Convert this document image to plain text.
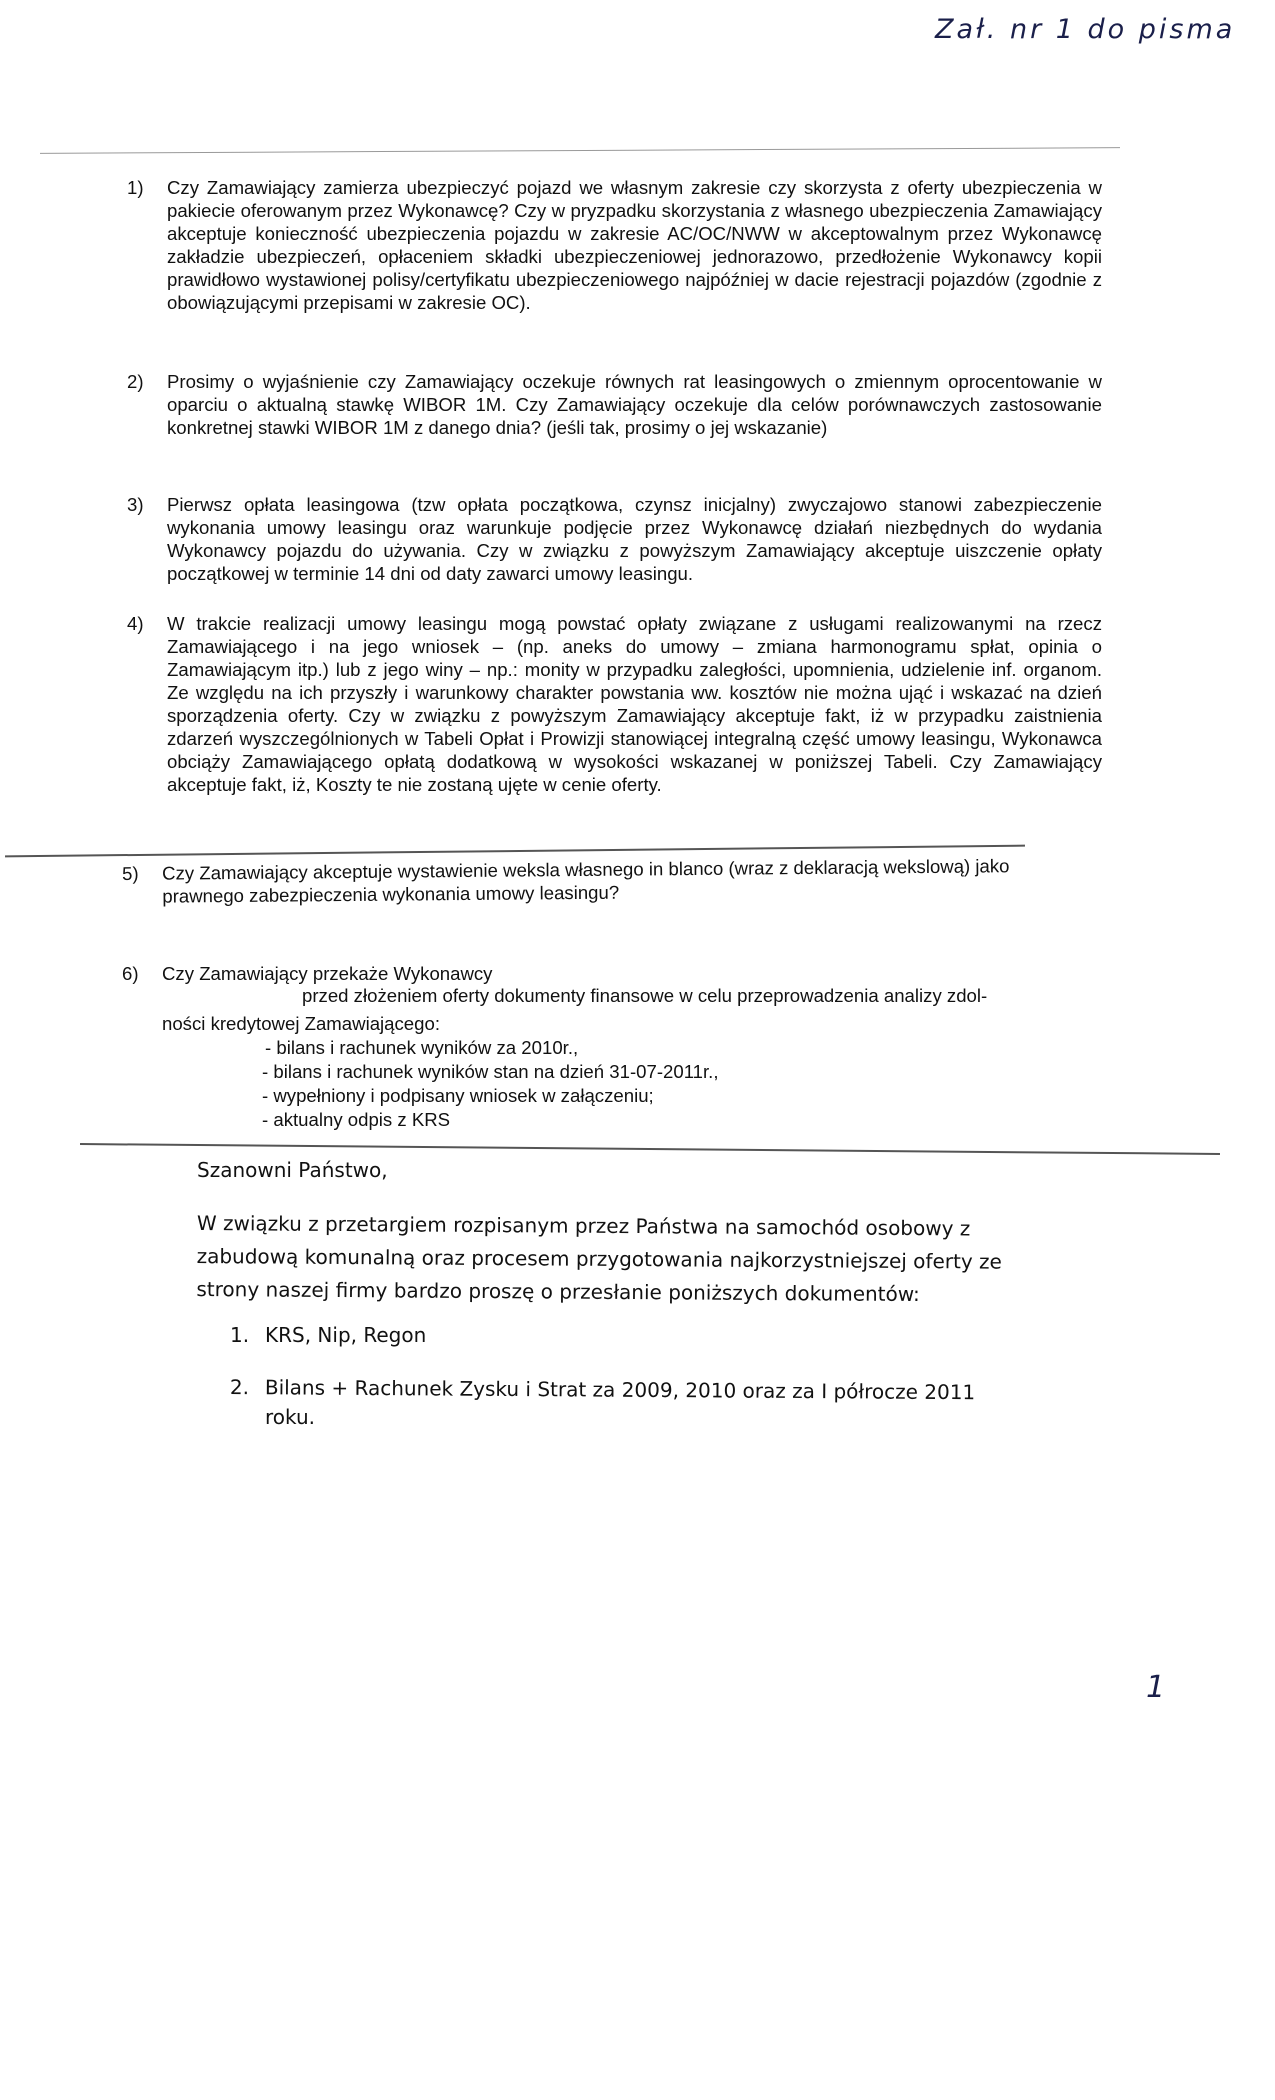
Zał. nr 1 do pisma
1) Czy Zamawiający zamierza ubezpieczyć pojazd we własnym zakresie czy skorzysta z oferty ubezpieczenia w pakiecie oferowanym przez Wykonawcę? Czy w pryzpadku skorzystania z własnego ubezpieczenia Zamawiający akceptuje konieczność ubezpieczenia pojazdu w zakresie AC/OC/NWW w akceptowalnym przez Wykonawcę zakładzie ubezpieczeń, opłaceniem składki ubezpieczeniowej jednorazowo, przedłożenie Wykonawcy kopii prawidłowo wystawionej polisy/certyfikatu ubezpieczeniowego najpóźniej w dacie rejestracji pojazdów (zgodnie z obowiązującymi przepisami w zakresie OC).
2) Prosimy o wyjaśnienie czy Zamawiający oczekuje równych rat leasingowych o zmiennym oprocentowanie w oparciu o aktualną stawkę WIBOR 1M. Czy Zamawiający oczekuje dla celów porównawczych zastosowanie konkretnej stawki WIBOR 1M z danego dnia? (jeśli tak, prosimy o jej wskazanie)
3) Pierwsz opłata leasingowa (tzw opłata początkowa, czynsz inicjalny) zwyczajowo stanowi zabezpieczenie wykonania umowy leasingu oraz warunkuje podjęcie przez Wykonawcę działań niezbędnych do wydania Wykonawcy pojazdu do używania. Czy w związku z powyższym Zamawiający akceptuje uiszczenie opłaty początkowej w terminie 14 dni od daty zawarci umowy leasingu.
4) W trakcie realizacji umowy leasingu mogą powstać opłaty związane z usługami realizowanymi na rzecz Zamawiającego i na jego wniosek – (np. aneks do umowy – zmiana harmonogramu spłat, opinia o Zamawiającym itp.) lub z jego winy – np.: monity w przypadku zaległości, upomnienia, udzielenie inf. organom. Ze względu na ich przyszły i warunkowy charakter powstania ww. kosztów nie można ująć i wskazać na dzień sporządzenia oferty. Czy w związku z powyższym Zamawiający akceptuje fakt, iż w przypadku zaistnienia zdarzeń wyszczególnionych w Tabeli Opłat i Prowizji stanowiącej integralną część umowy leasingu, Wykonawca obciąży Zamawiającego opłatą dodatkową w wysokości wskazanej w poniższej Tabeli. Czy Zamawiający akceptuje fakt, iż, Koszty te nie zostaną ujęte w cenie oferty.
5) Czy Zamawiający akceptuje wystawienie weksla własnego in blanco (wraz z deklaracją wekslową) jako prawnego zabezpieczenia wykonania umowy leasingu?
6) Czy Zamawiający przekaże Wykonawcy
przed złożeniem oferty dokumenty finansowe w celu przeprowadzenia analizy zdol-
ności kredytowej Zamawiającego:
- bilans i rachunek wyników za 2010r.,
- bilans i rachunek wyników stan na dzień 31-07-2011r.,
- wypełniony i podpisany wniosek w załączeniu;
- aktualny odpis z KRS
Szanowni Państwo,
W związku z przetargiem rozpisanym przez Państwa na samochód osobowy z zabudową komunalną oraz procesem przygotowania najkorzystniejszej oferty ze strony naszej firmy bardzo proszę o przesłanie poniższych dokumentów:
1. KRS, Nip, Regon
2. Bilans + Rachunek Zysku i Strat za 2009, 2010 oraz za I półrocze 2011
roku.
1
